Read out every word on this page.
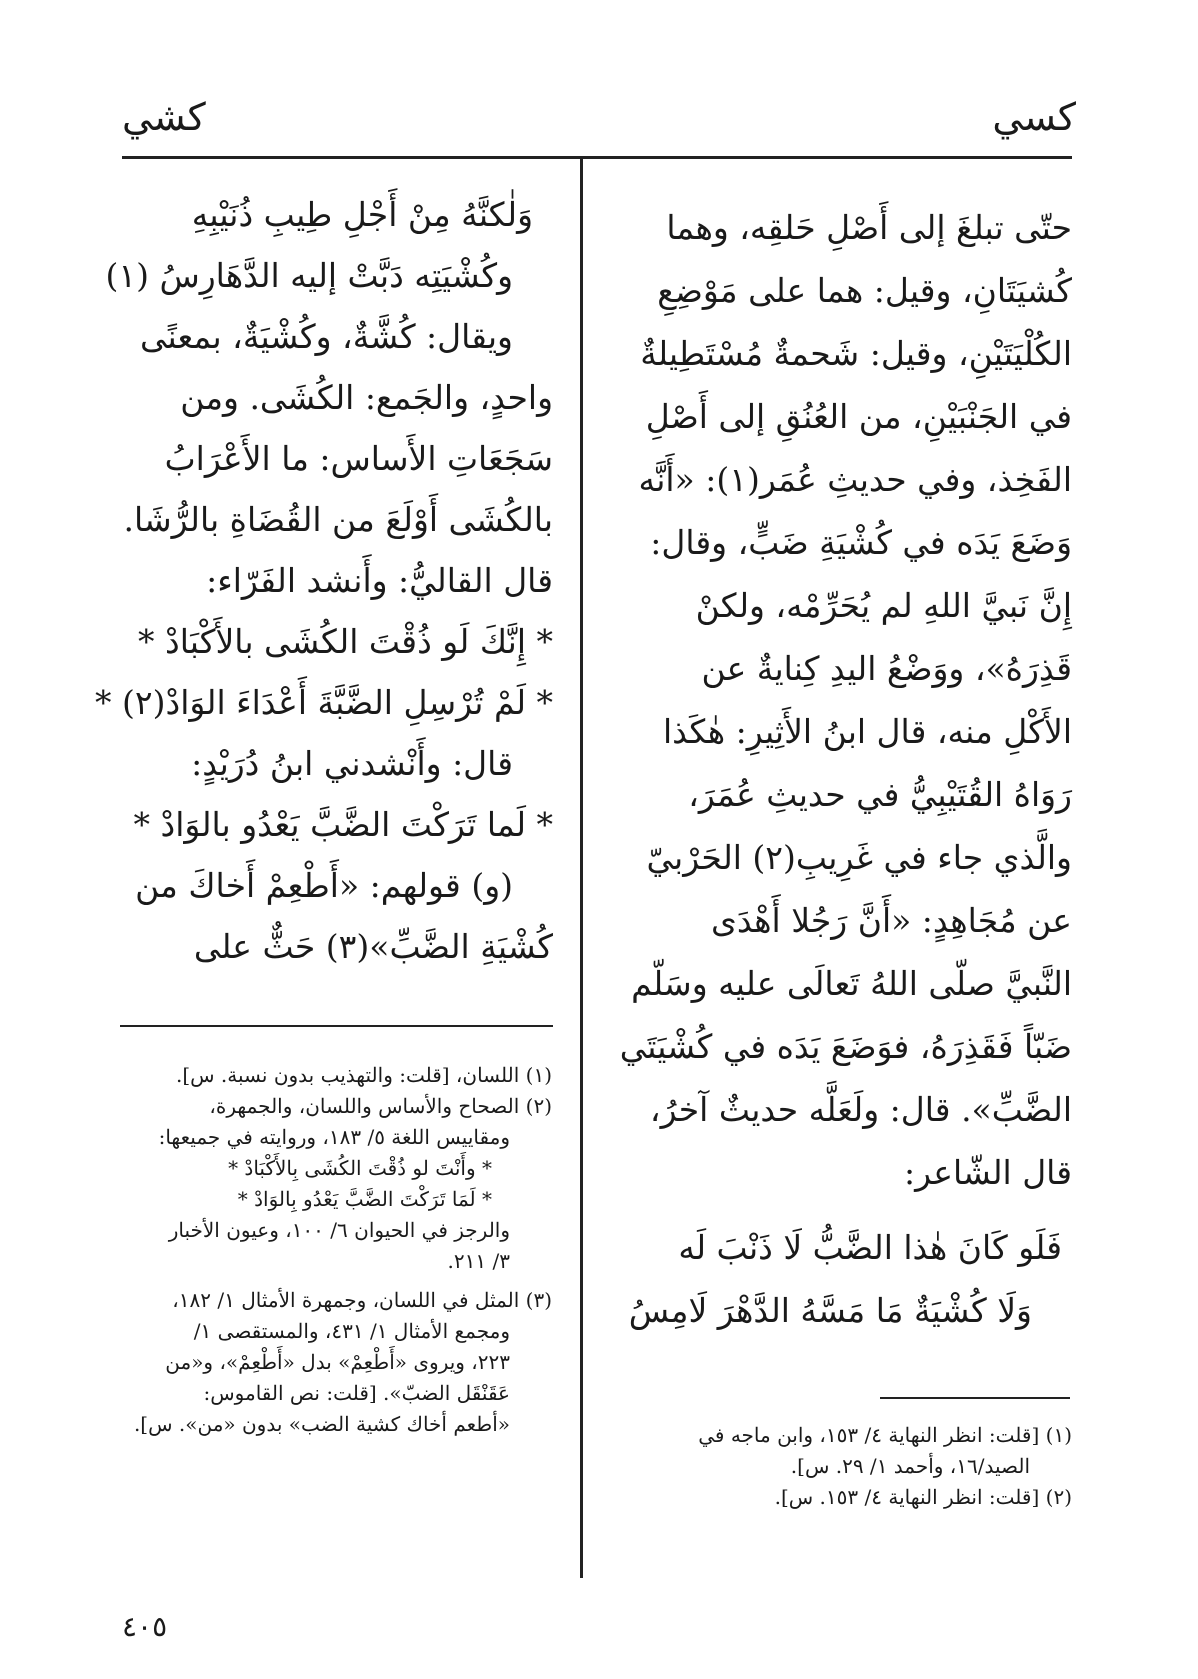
كسي
كشي
حتّى تبلغَ إلى أَصْلِ حَلقِه، وهما
كُشيَتَانِ، وقيل: هما على مَوْضِعِ
الكُلْيَتَيْنِ، وقيل: شَحمةٌ مُسْتَطِيلةٌ
في الجَنْبَيْنِ، من العُنُقِ إلى أَصْلِ
الفَخِذ، وفي حديثِ عُمَر(١): «أَنَّه
وَضَعَ يَدَه في كُشْيَةِ ضَبٍّ، وقال:
إِنَّ نَبيَّ اللهِ لم يُحَرِّمْه، ولكنْ
قَذِرَهُ»، ووَضْعُ اليدِ كِنايةٌ عن
الأَكْلِ منه، قال ابنُ الأَثِيرِ: هٰكَذا
رَوَاهُ القُتَيْبِيُّ في حديثِ عُمَرَ،
والَّذي جاء في غَرِيبِ(٢) الحَرْبيّ
عن مُجَاهِدٍ: «أَنَّ رَجُلا أَهْدَى
النَّبيَّ صلّى اللهُ تَعالَى عليه وسَلّم
ضَبّاً فَقَذِرَهُ، فوَضَعَ يَدَه في كُشْيَتَي
الضَّبِّ». قال: ولَعَلَّه حديثٌ آخرُ،
قال الشّاعر:
فَلَو كَانَ هٰذا الضَّبُّ لَا ذَنْبَ لَه
وَلَا كُشْيَةٌ مَا مَسَّهُ الدَّهْرَ لَامِسُ
(١) [قلت: انظر النهاية ٤/ ١٥٣، وابن ماجه في
الصيد/١٦، وأحمد ١/ ٢٩. س].
(٢) [قلت: انظر النهاية ٤/ ١٥٣. س].
وَلٰكنَّهُ مِنْ أَجْلِ طِيبِ ذُنَيْبِهِ
وكُشْيَتِه دَبَّتْ إليه الدَّهَارِسُ (١)
ويقال: كُشَّةٌ، وكُشْيَةٌ، بمعنًى
واحدٍ، والجَمع: الكُشَى. ومن
سَجَعَاتِ الأَساس: ما الأَعْرَابُ
بالكُشَى أَوْلَعَ من القُضَاةِ بالرُّشَا.
قال القاليُّ: وأَنشد الفَرّاء:
* إِنَّكَ لَو ذُقْتَ الكُشَى بالأَكْبَادْ *
* لَمْ تُرْسِلِ الضَّبَّةَ أَعْدَاءَ الوَادْ(٢) *
قال: وأَنْشدني ابنُ دُرَيْدٍ:
* لَما تَرَكْتَ الضَّبَّ يَعْدُو بالوَادْ *
(و) قولهم: «أَطْعِمْ أَخاكَ من
كُشْيَةِ الضَّبِّ»(٣) حَثٌّ على
(١) اللسان، [قلت: والتهذيب بدون نسبة. س].
(٢) الصحاح والأساس واللسان، والجمهرة،
ومقاييس اللغة ٥/ ١٨٣، وروايته في جميعها:
* وأَنْتَ لو ذُقْتَ الكُشَى بِالأَكْبَادْ *
* لَمَا تَرَكْتَ الضَّبَّ يَعْدُو بِالوَادْ *
والرجز في الحيوان ٦/ ١٠٠، وعيون الأخبار
٣/ ٢١١.
(٣) المثل في اللسان، وجمهرة الأمثال ١/ ١٨٢،
ومجمع الأمثال ١/ ٤٣١، والمستقصى ١/
٢٢٣، ويروى «أَطْعِمْ» بدل «أَطْعِمْ»، و«من
عَقَنْقَل الضبّ». [قلت: نص القاموس:
«أطعم أخاك كشية الضب» بدون «من». س].
٤٠٥
